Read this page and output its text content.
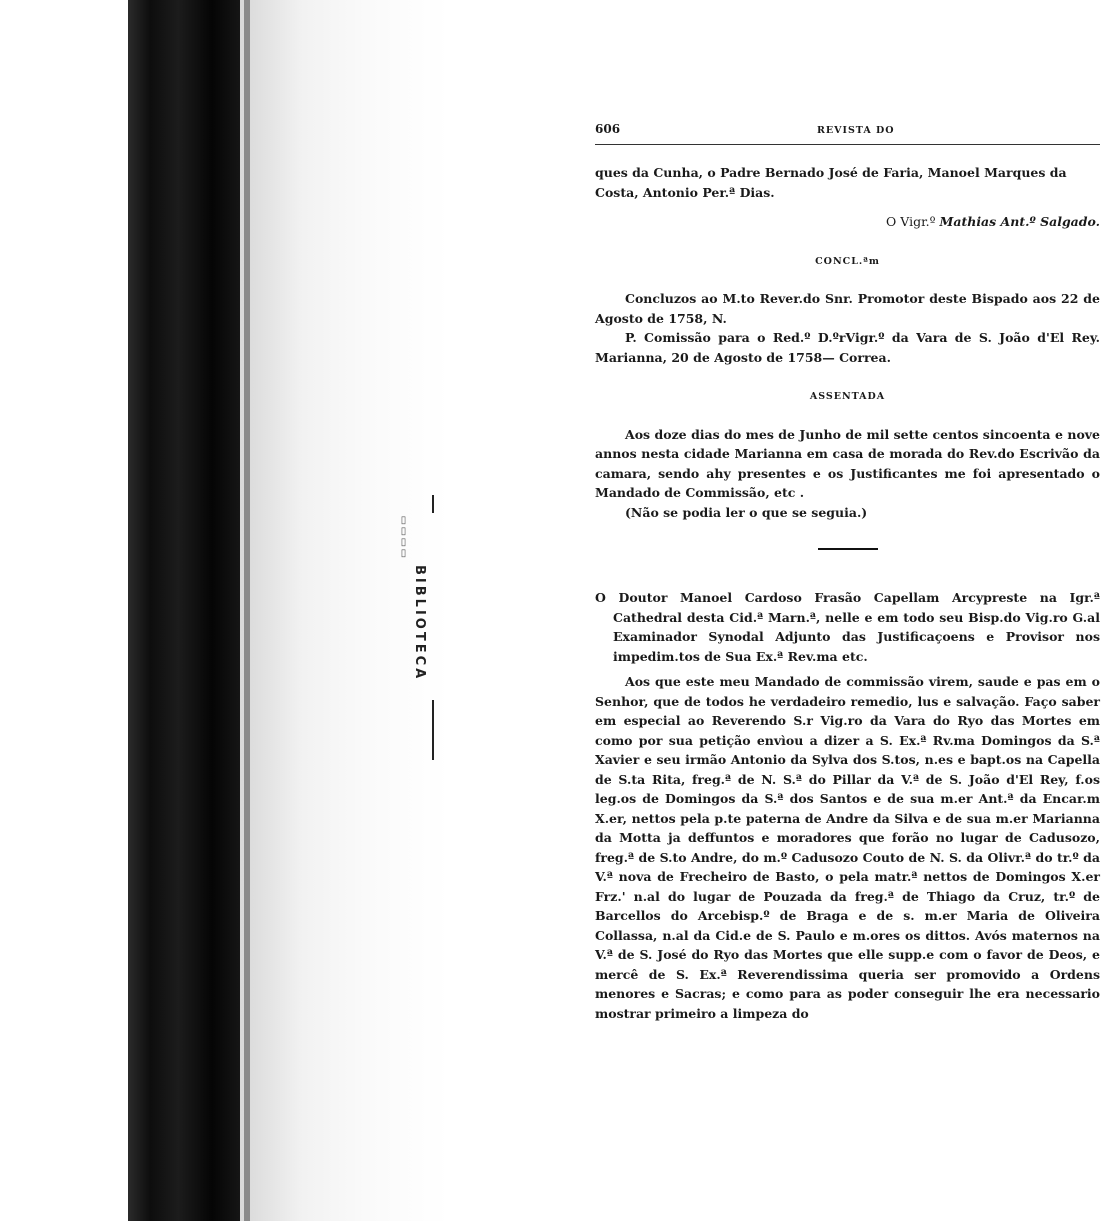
▯▯▯▯
BIBLIOTECA
606	REVISTA DO

ques da Cunha, o Padre Bernado José de Faria, Manoel Marques da

Costa, Antonio Per.ª Dias.

O Vigr.º Mathias Ant.º Salgado.

CONCL.ªm

Concluzos ao M.to Rever.do Snr. Promotor deste Bispado aos 22 de Agosto de 1758, N.

P. Comissão para o Red.º D.ºrVigr.º da Vara de S. João d'El Rey. Marianna, 20 de Agosto de 1758— Correa.

ASSENTADA

Aos doze dias do mes de Junho de mil sette centos sincoenta e nove annos nesta cidade Marianna em casa de morada do Rev.do Escrivão da camara, sendo ahy presentes e os Justificantes me foi apresentado o Mandado de Commissão, etc .

(Não se podia ler o que se seguia.)

O Doutor Manoel Cardoso Frasão Capellam Arcypreste na Igr.ª Cathedral desta Cid.ª Marn.ª, nelle e em todo seu Bisp.do Vig.ro G.al Examinador Synodal Adjunto das Justificaçoens e Provisor nos impedim.tos de Sua Ex.ª Rev.ma etc.

Aos que este meu Mandado de commissão virem, saude e pas em o Senhor, que de todos he verdadeiro remedio, lus e salvação. Faço saber em especial ao Reverendo S.r Vig.ro da Vara do Ryo das Mortes em como por sua petição envìou a dizer a S. Ex.ª Rv.ma Domingos da S.ª Xavier e seu irmão Antonio da Sylva dos S.tos, n.es e bapt.os na Capella de S.ta Rita, freg.ª de N. S.ª do Pillar da V.ª de S. João d'El Rey, f.os leg.os de Domingos da S.ª dos Santos e de sua m.er Ant.ª da Encar.m X.er, nettos pela p.te paterna de Andre da Silva e de sua m.er Marianna da Motta ja deffuntos e moradores que forão no lugar de Cadusozo, freg.ª de S.to Andre, do m.º Cadusozo Couto de N. S. da Olivr.ª do tr.º da V.ª nova de Frecheiro de Basto, o pela matr.ª nettos de Domingos X.er Frz.' n.al do lugar de Pouzada da freg.ª de Thiago da Cruz, tr.º de Barcellos do Arcebisp.º de Braga e de s. m.er Maria de Oliveira Collassa, n.al da Cid.e de S. Paulo e m.ores os dittos. Avós maternos na V.ª de S. José do Ryo das Mortes que elle supp.e com o favor de Deos, e mercê de S. Ex.ª Reverendissima queria ser promovido a Ordens menores e Sacras; e como para as poder conseguir lhe era necessario mostrar primeiro a limpeza do
